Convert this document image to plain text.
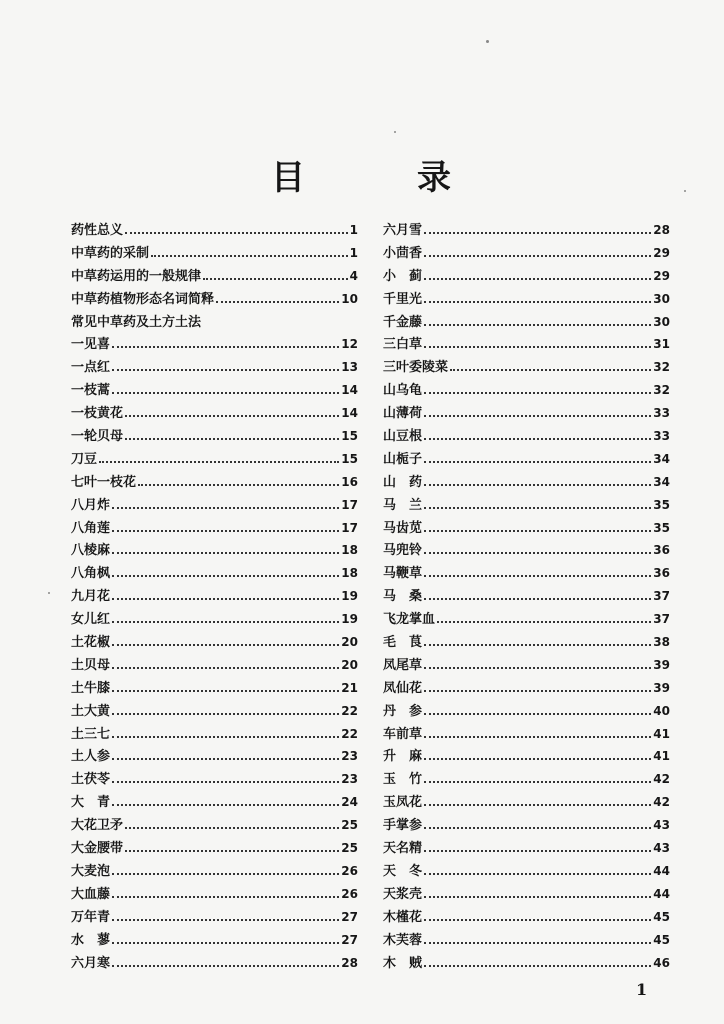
目	录
药性总义	1
中草药的采制	1
中草药运用的一般规律	4
中草药植物形态名词简释	10
常见中草药及土方土法
一见喜	12
一点红	13
一枝蒿	14
一枝黄花	14
一轮贝母	15
刀豆	15
七叶一枝花	16
八月炸	17
八角莲	17
八棱麻	18
八角枫	18
九月花	19
女儿红	19
土花椒	20
土贝母	20
土牛膝	21
土大黄	22
土三七	22
土人参	23
土茯苓	23
大　青	24
大花卫矛	25
大金腰带	25
大麦泡	26
大血藤	26
万年青	27
水　蓼	27
六月寒	28
六月雪	28
小茴香	29
小　蓟	29
千里光	30
千金藤	30
三白草	31
三叶委陵菜	32
山乌龟	32
山薄荷	33
山豆根	33
山栀子	34
山　药	34
马　兰	35
马齿苋	35
马兜铃	36
马鞭草	36
马　桑	37
飞龙掌血	37
毛　茛	38
凤尾草	39
凤仙花	39
丹　参	40
车前草	41
升　麻	41
玉　竹	42
玉凤花	42
手掌参	43
天名精	43
天　冬	44
天浆壳	44
木槿花	45
木芙蓉	45
木　贼	46
1
